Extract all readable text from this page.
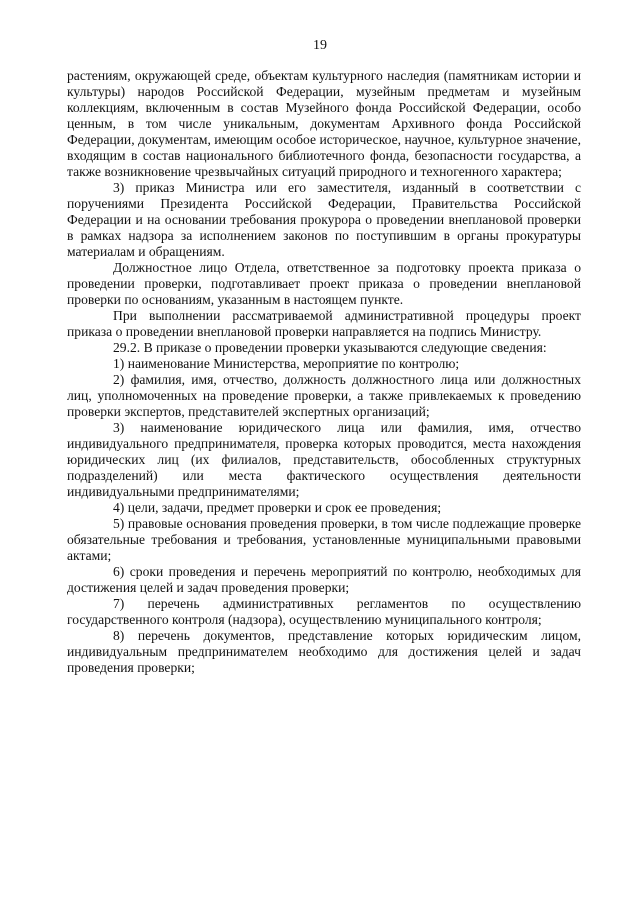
19

растениям, окружающей среде, объектам культурного наследия (памятникам истории и культуры) народов Российской Федерации, музейным предметам и музейным коллекциям, включенным в состав Музейного фонда Российской Федерации, особо ценным, в том числе уникальным, документам Архивного фонда Российской Федерации, документам, имеющим особое историческое, научное, культурное значение, входящим в состав национального библиотечного фонда, безопасности государства, а также возникновение чрезвычайных ситуаций природного и техногенного характера;

3) приказ Министра или его заместителя, изданный в соответствии с поручениями Президента Российской Федерации, Правительства Российской Федерации и на основании требования прокурора о проведении внеплановой проверки в рамках надзора за исполнением законов по поступившим в органы прокуратуры материалам и обращениям.

Должностное лицо Отдела, ответственное за подготовку проекта приказа о проведении проверки, подготавливает проект приказа о проведении внеплановой проверки по основаниям, указанным в настоящем пункте.

При выполнении рассматриваемой административной процедуры проект приказа о проведении внеплановой проверки направляется на подпись Министру.

29.2. В приказе о проведении проверки указываются следующие сведения:

1) наименование Министерства, мероприятие по контролю;

2) фамилия, имя, отчество, должность должностного лица или должностных лиц, уполномоченных на проведение проверки, а также привлекаемых к проведению проверки экспертов, представителей экспертных организаций;

3) наименование юридического лица или фамилия, имя, отчество индивидуального предпринимателя, проверка которых проводится, места нахождения юридических лиц (их филиалов, представительств, обособленных структурных подразделений) или места фактического осуществления деятельности индивидуальными предпринимателями;

4) цели, задачи, предмет проверки и срок ее проведения;

5) правовые основания проведения проверки, в том числе подлежащие проверке обязательные требования и требования, установленные муниципальными правовыми актами;

6) сроки проведения и перечень мероприятий по контролю, необходимых для достижения целей и задач проведения проверки;

7) перечень административных регламентов по осуществлению государственного контроля (надзора), осуществлению муниципального контроля;

8) перечень документов, представление которых юридическим лицом, индивидуальным предпринимателем необходимо для достижения целей и задач проведения проверки;
